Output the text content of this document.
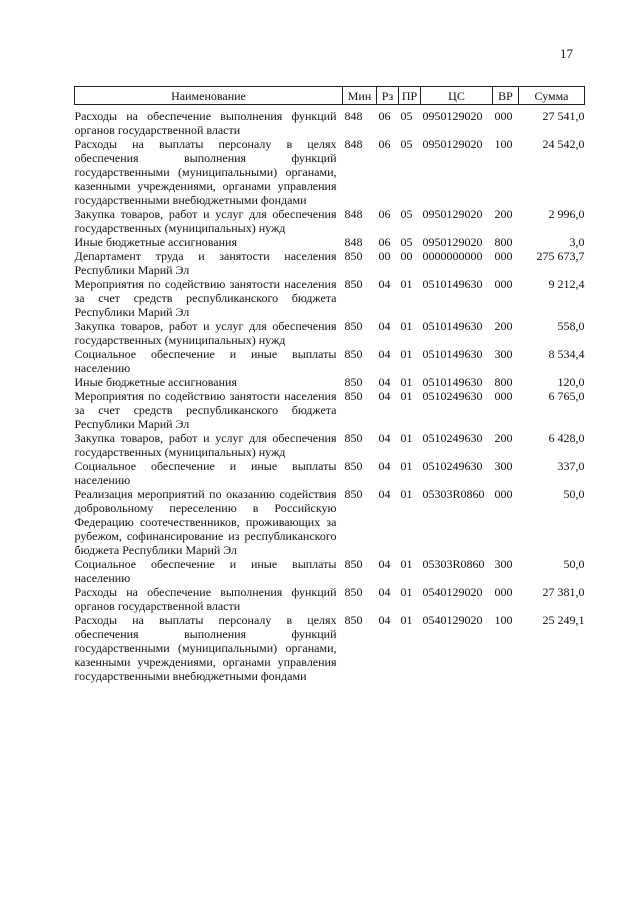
17
Наименование	Мин	Рз	ПР	ЦС	ВР	Сумма
Расходы на обеспечение выполнения функций органов государственной власти	848	06	05	0950129020	000	27 541,0
Расходы на выплаты персоналу в целях обеспечения выполнения функций государственными (муниципальными) органами, казенными учреждениями, органами управления государственными внебюджетными фондами	848	06	05	0950129020	100	24 542,0
Закупка товаров, работ и услуг для обеспечения государственных (муниципальных) нужд	848	06	05	0950129020	200	2 996,0
Иные бюджетные ассигнования	848	06	05	0950129020	800	3,0
Департамент труда и занятости населения Республики Марий Эл	850	00	00	0000000000	000	275 673,7
Мероприятия по содействию занятости населения за счет средств республиканского бюджета Республики Марий Эл	850	04	01	0510149630	000	9 212,4
Закупка товаров, работ и услуг для обеспечения государственных (муниципальных) нужд	850	04	01	0510149630	200	558,0
Социальное обеспечение и иные выплаты населению	850	04	01	0510149630	300	8 534,4
Иные бюджетные ассигнования	850	04	01	0510149630	800	120,0
Мероприятия по содействию занятости населения за счет средств республиканского бюджета Республики Марий Эл	850	04	01	0510249630	000	6 765,0
Закупка товаров, работ и услуг для обеспечения государственных (муниципальных) нужд	850	04	01	0510249630	200	6 428,0
Социальное обеспечение и иные выплаты населению	850	04	01	0510249630	300	337,0
Реализация мероприятий по оказанию содействия добровольному переселению в Российскую Федерацию соотечественников, проживающих за рубежом, софинансирование из республиканского бюджета Республики Марий Эл	850	04	01	05303R0860	000	50,0
Социальное обеспечение и иные выплаты населению	850	04	01	05303R0860	300	50,0
Расходы на обеспечение выполнения функций органов государственной власти	850	04	01	0540129020	000	27 381,0
Расходы на выплаты персоналу в целях обеспечения выполнения функций государственными (муниципальными) органами, казенными учреждениями, органами управления государственными внебюджетными фондами	850	04	01	0540129020	100	25 249,1
